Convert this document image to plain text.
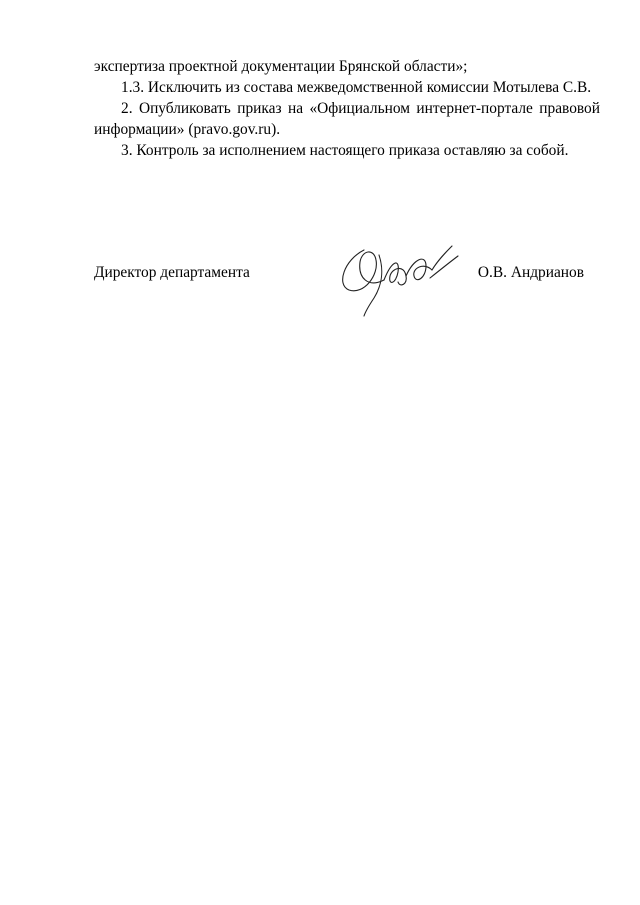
экспертиза проектной документации Брянской области»;

1.3. Исключить из состава межведомственной комиссии Мотылева С.В.

2. Опубликовать приказ на «Официальном интернет-портале правовой информации» (pravo.gov.ru).

3. Контроль за исполнением настоящего приказа оставляю за собой.

Директор департамента	О.В. Андрианов
